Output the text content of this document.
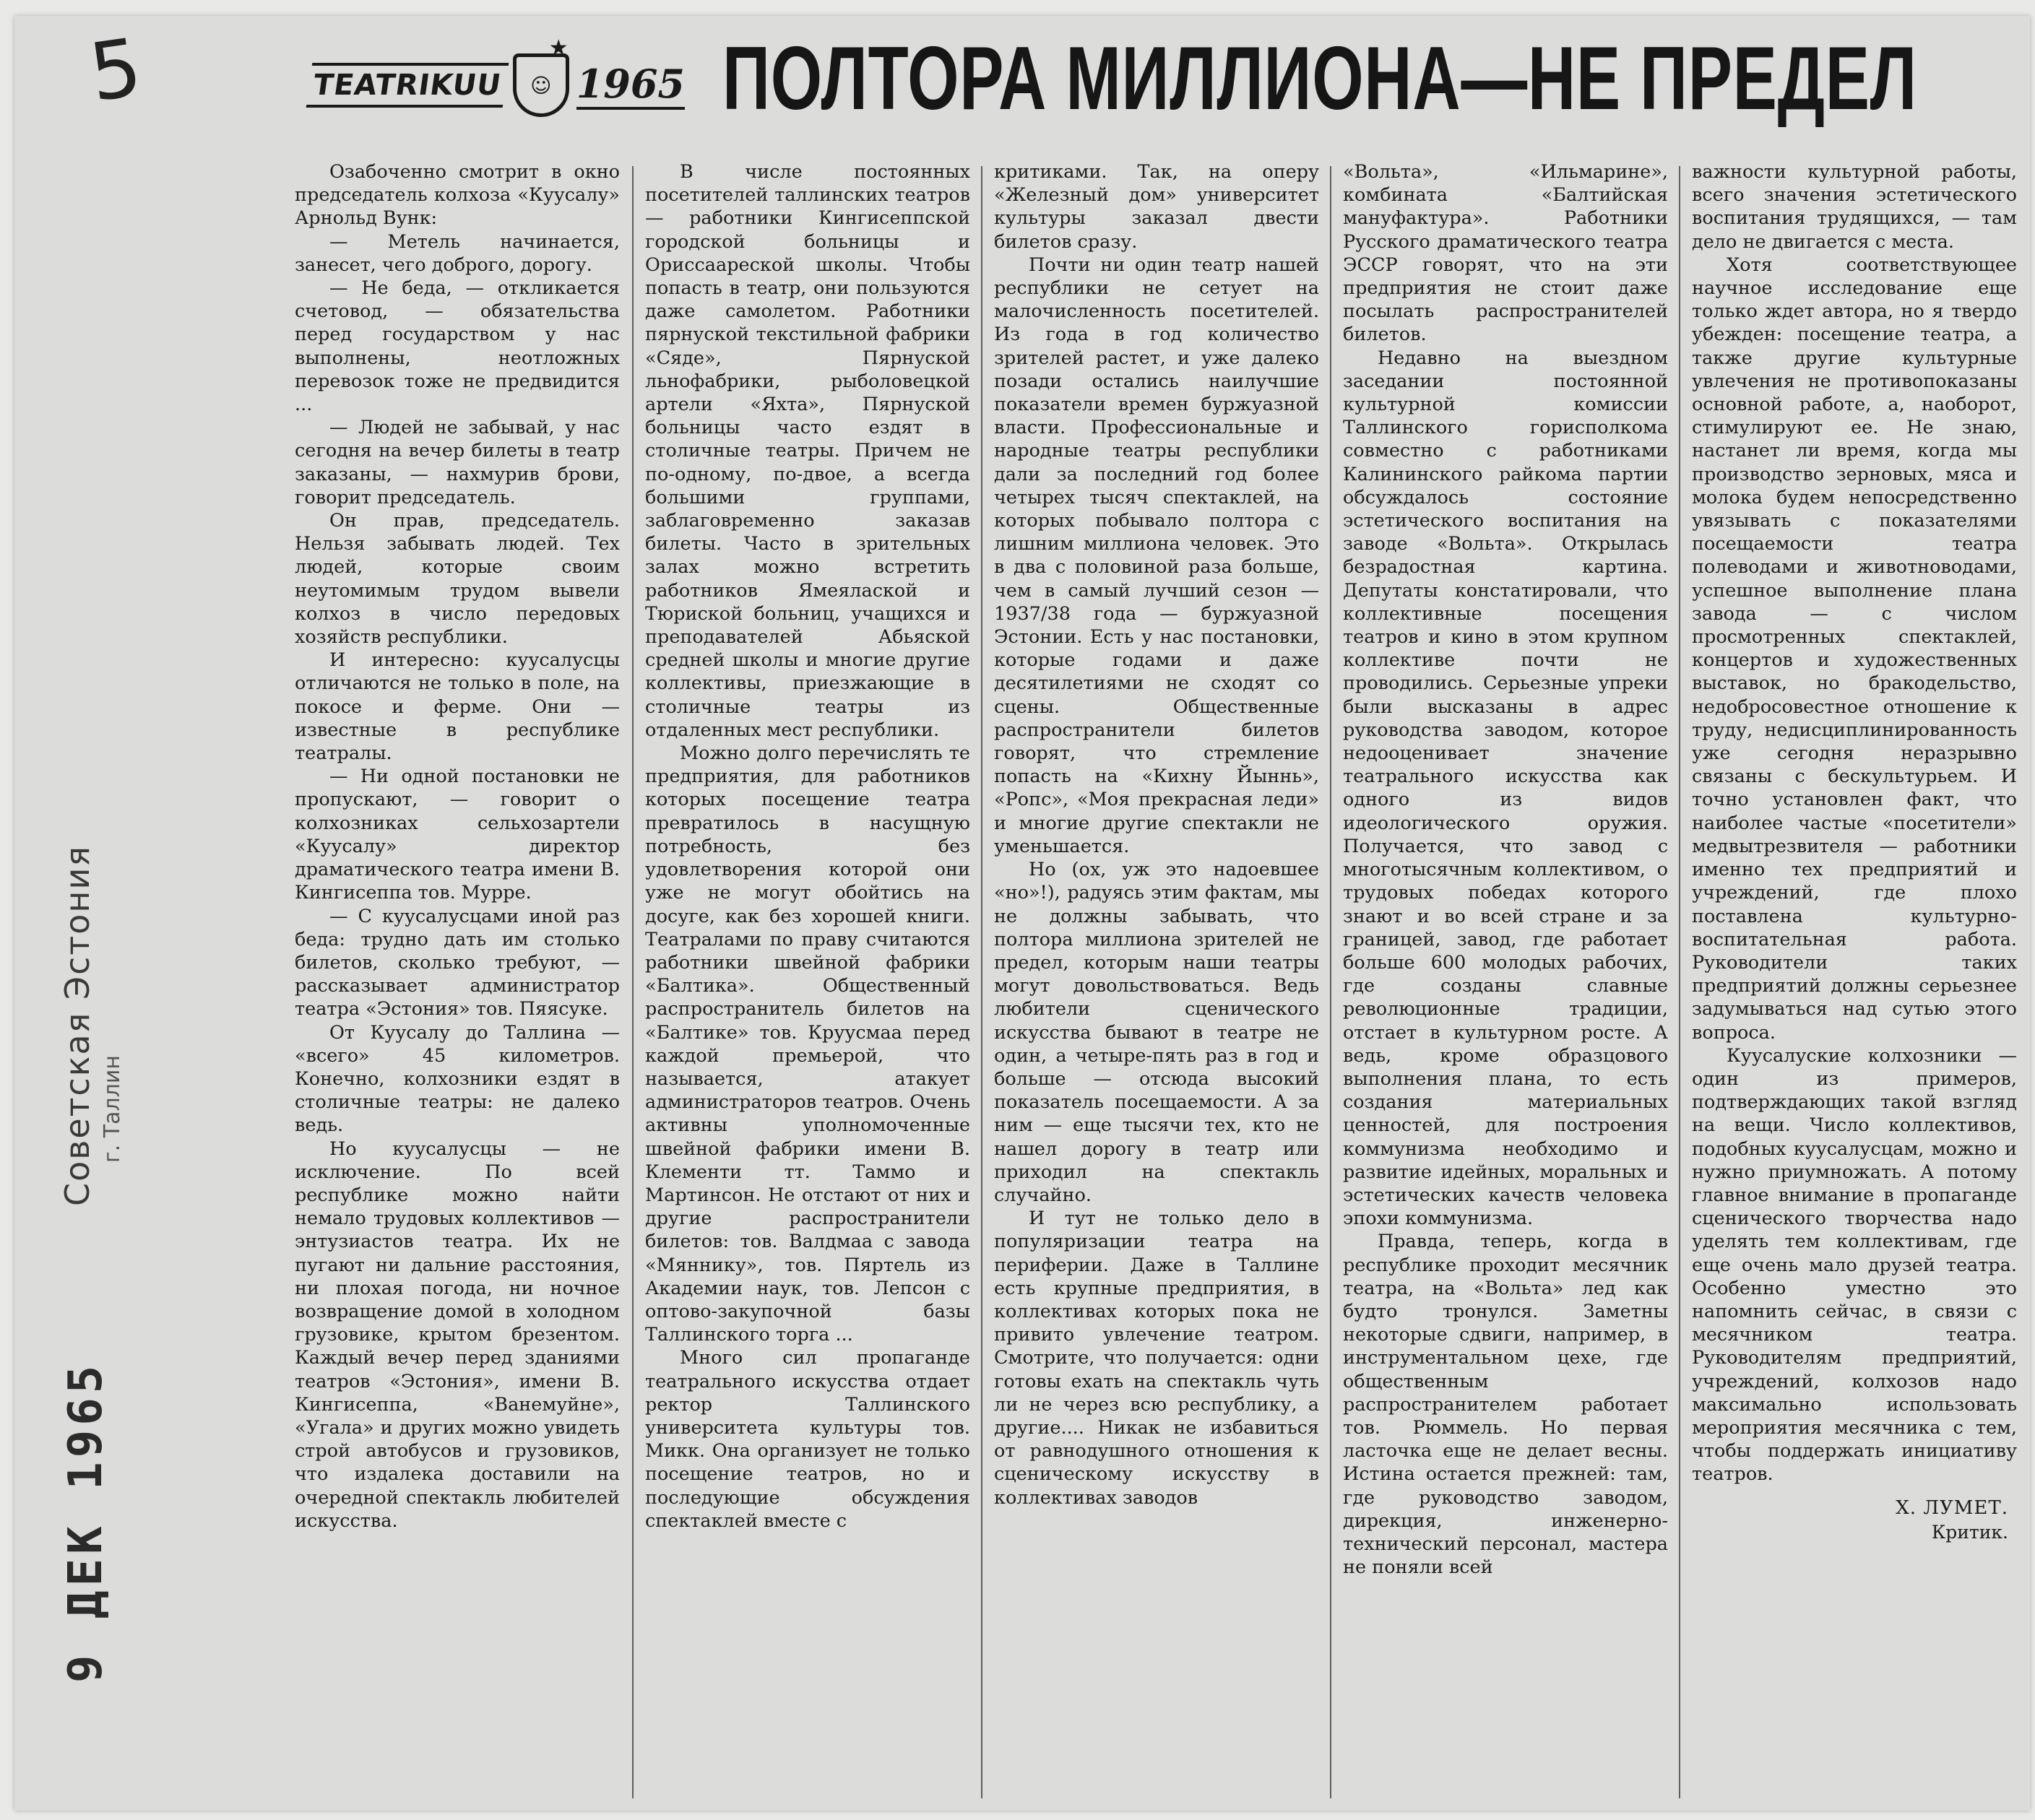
5	TEATRIKUU ☺
★
1965 ПОЛТОРА МИЛЛИОНА—НЕ ПРЕДЕЛ
Советская Эстония г. Таллин
9 ДЕК 1965

Озабоченно смотрит в окно председатель колхоза «Куусалу» Арнольд Вунк:

— Метель начинается, занесет, чего доброго, дорогу.

— Не беда, — откликается счетовод, — обязательства перед государством у нас выполнены, неотложных перевозок тоже не предвидится ...

— Людей не забывай, у нас сегодня на вечер билеты в театр заказаны, — нахмурив брови, говорит председатель.

Он прав, председатель. Нельзя забывать людей. Тех людей, которые своим неутомимым трудом вывели колхоз в число передовых хозяйств республики.

И интересно: куусалусцы отличаются не только в поле, на покосе и ферме. Они — известные в республике театралы.

— Ни одной постановки не пропускают, — говорит о колхозниках сельхозартели «Куусалу» директор драматического театра имени В. Кингисеппа тов. Мурре.

— С куусалусцами иной раз беда: трудно дать им столько билетов, сколько требуют, — рассказывает администратор театра «Эстония» тов. Пяясуке.

От Куусалу до Таллина — «всего» 45 километров. Конечно, колхозники ездят в столичные театры: не далеко ведь.

Но куусалусцы — не исключение. По всей республике можно найти немало трудовых коллективов — энтузиастов театра. Их не пугают ни дальние расстояния, ни плохая погода, ни ночное возвращение домой в холодном грузовике, крытом брезентом. Каждый вечер перед зданиями театров «Эстония», имени В. Кингисеппа, «Ванемуйне», «Угала» и других можно увидеть строй автобусов и грузовиков, что издалека доставили на очередной спектакль любителей искусства.

В числе постоянных посетителей таллинских театров — работники Кингисеппской городской больницы и Ориссаареской школы. Чтобы попасть в театр, они пользуются даже самолетом. Работники пярнуской текстильной фабрики «Сяде», Пярнуской льнофабрики, рыболовецкой артели «Яхта», Пярнуской больницы часто ездят в столичные театры. Причем не по-одному, по-двое, а всегда большими группами, заблаговременно заказав билеты. Часто в зрительных залах можно встретить работников Ямеялаской и Тюриской больниц, учащихся и преподавателей Абьяской средней школы и многие другие коллективы, приезжающие в столичные театры из отдаленных мест республики.

Можно долго перечислять те предприятия, для работников которых посещение театра превратилось в насущную потребность, без удовлетворения которой они уже не могут обойтись на досуге, как без хорошей книги. Театралами по праву считаются работники швейной фабрики «Балтика». Общественный распространитель билетов на «Балтике» тов. Круусмаа перед каждой премьерой, что называется, атакует администраторов театров. Очень активны уполномоченные швейной фабрики имени В. Клементи тт. Таммо и Мартинсон. Не отстают от них и другие распространители билетов: тов. Валдмаа с завода «Мяннику», тов. Пяртель из Академии наук, тов. Лепсон с оптово-закупочной базы Таллинского торга ...

Много сил пропаганде театрального искусства отдает ректор Таллинского университета культуры тов. Микк. Она организует не только посещение театров, но и последующие обсуждения спектаклей вместе с

критиками. Так, на оперу «Железный дом» университет культуры заказал двести билетов сразу.

Почти ни один театр нашей республики не сетует на малочисленность посетителей. Из года в год количество зрителей растет, и уже далеко позади остались наилучшие показатели времен буржуазной власти. Профессиональные и народные театры республики дали за последний год более четырех тысяч спектаклей, на которых побывало полтора с лишним миллиона человек. Это в два с половиной раза больше, чем в самый лучший сезон — 1937/38 года — буржуазной Эстонии. Есть у нас постановки, которые годами и даже десятилетиями не сходят со сцены. Общественные распространители билетов говорят, что стремление попасть на «Кихну Йыннь», «Ропс», «Моя прекрасная леди» и многие другие спектакли не уменьшается.

Но (ох, уж это надоевшее «но»!), радуясь этим фактам, мы не должны забывать, что полтора миллиона зрителей не предел, которым наши театры могут довольствоваться. Ведь любители сценического искусства бывают в театре не один, а четыре-пять раз в год и больше — отсюда высокий показатель посещаемости. А за ним — еще тысячи тех, кто не нашел дорогу в театр или приходил на спектакль случайно.

И тут не только дело в популяризации театра на периферии. Даже в Таллине есть крупные предприятия, в коллективах которых пока не привито увлечение театром. Смотрите, что получается: одни готовы ехать на спектакль чуть ли не через всю республику, а другие.... Никак не избавиться от равнодушного отношения к сценическому искусству в коллективах заводов

«Вольта», «Ильмарине», комбината «Балтийская мануфактура». Работники Русского драматического театра ЭССР говорят, что на эти предприятия не стоит даже посылать распространителей билетов.

Недавно на выездном заседании постоянной культурной комиссии Таллинского горисполкома совместно с работниками Калининского райкома партии обсуждалось состояние эстетического воспитания на заводе «Вольта». Открылась безрадостная картина. Депутаты констатировали, что коллективные посещения театров и кино в этом крупном коллективе почти не проводились. Серьезные упреки были высказаны в адрес руководства заводом, которое недооценивает значение театрального искусства как одного из видов идеологического оружия. Получается, что завод с многотысячным коллективом, о трудовых победах которого знают и во всей стране и за границей, завод, где работает больше 600 молодых рабочих, где созданы славные революционные традиции, отстает в культурном росте. А ведь, кроме образцового выполнения плана, то есть создания материальных ценностей, для построения коммунизма необходимо и развитие идейных, моральных и эстетических качеств человека эпохи коммунизма.

Правда, теперь, когда в республике проходит месячник театра, на «Вольта» лед как будто тронулся. Заметны некоторые сдвиги, например, в инструментальном цехе, где общественным распространителем работает тов. Рюммель. Но первая ласточка еще не делает весны. Истина остается прежней: там, где руководство заводом, дирекция, инженерно-технический персонал, мастера не поняли всей

важности культурной работы, всего значения эстетического воспитания трудящихся, — там дело не двигается с места.

Хотя соответствующее научное исследование еще только ждет автора, но я твердо убежден: посещение театра, а также другие культурные увлечения не противопоказаны основной работе, а, наоборот, стимулируют ее. Не знаю, настанет ли время, когда мы производство зерновых, мяса и молока будем непосредственно увязывать с показателями посещаемости театра полеводами и животноводами, успешное выполнение плана завода — с числом просмотренных спектаклей, концертов и художественных выставок, но бракодельство, недобросовестное отношение к труду, недисциплинированность уже сегодня неразрывно связаны с бескультурьем. И точно установлен факт, что наиболее частые «посетители» медвытрезвителя — работники именно тех предприятий и учреждений, где плохо поставлена культурно-воспитательная работа. Руководители таких предприятий должны серьезнее задумываться над сутью этого вопроса.

Куусалуские колхозники — один из примеров, подтверждающих такой взгляд на вещи. Число коллективов, подобных куусалусцам, можно и нужно приумножать. А потому главное внимание в пропаганде сценического творчества надо уделять тем коллективам, где еще очень мало друзей театра. Особенно уместно это напомнить сейчас, в связи с месячником театра. Руководителям предприятий, учреждений, колхозов надо максимально использовать мероприятия месячника с тем, чтобы поддержать инициативу театров.

Х. ЛУМЕТ.
Критик.
